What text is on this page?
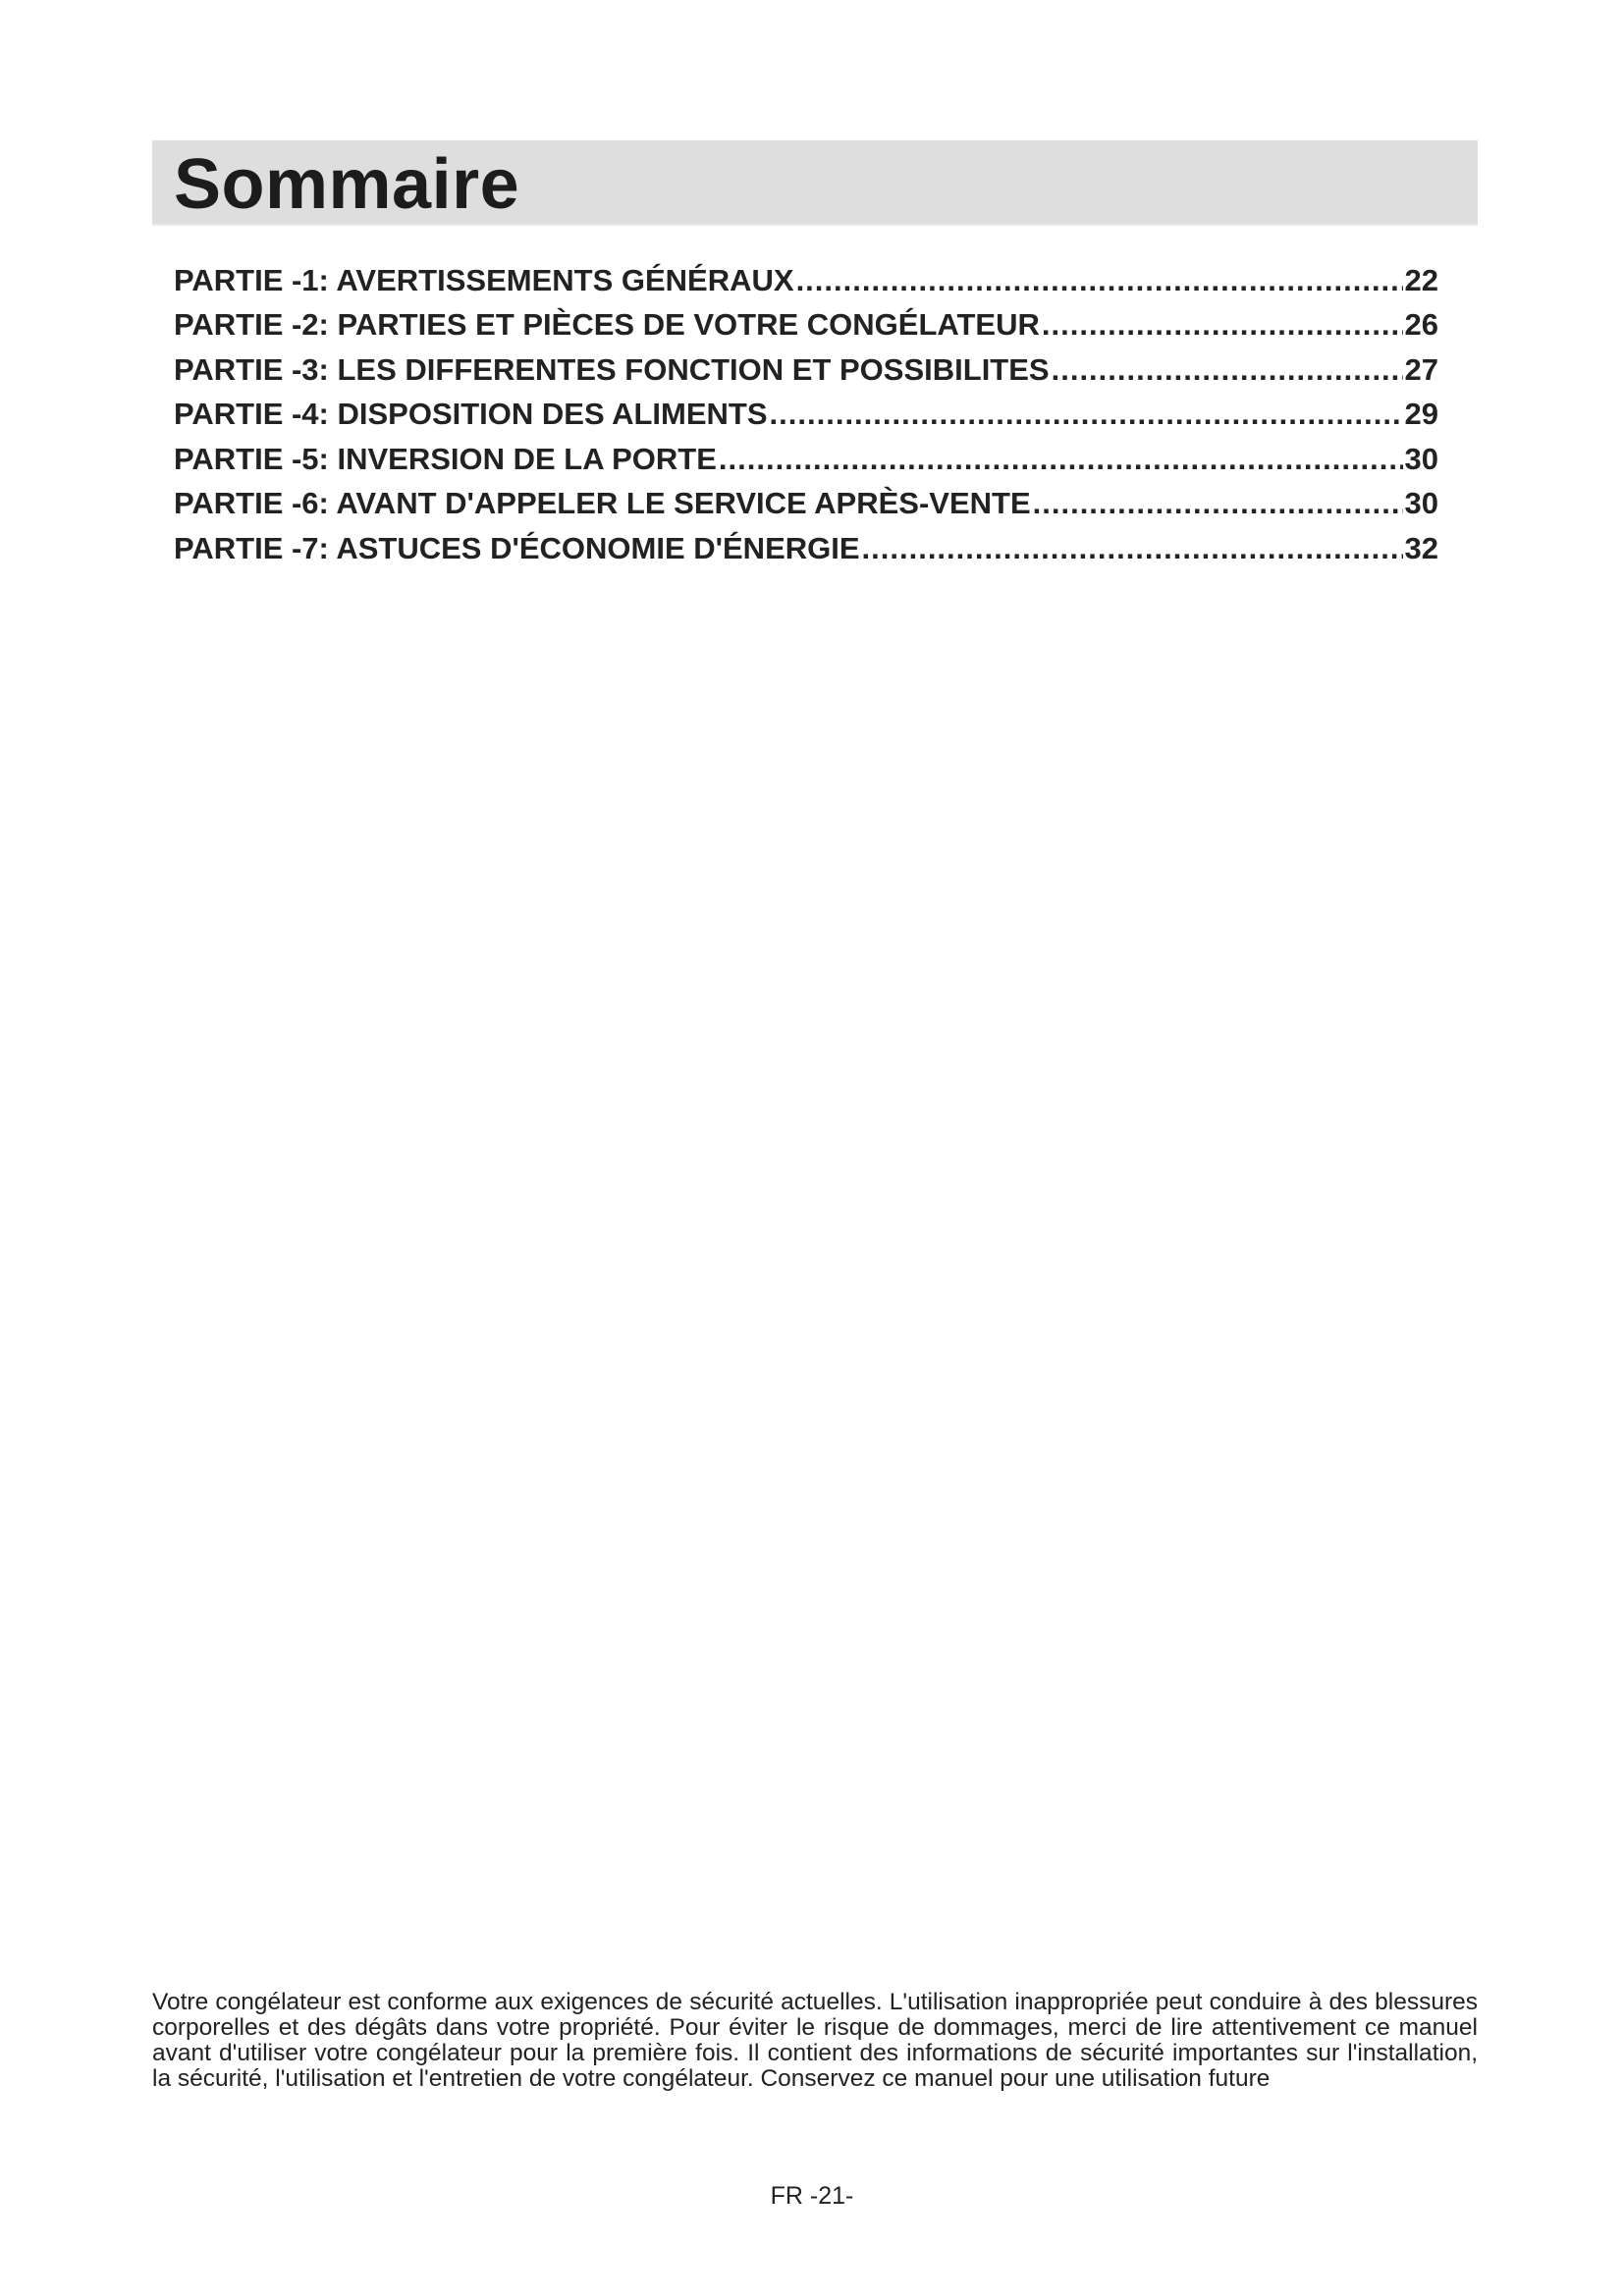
Sommaire
PARTIE -1: AVERTISSEMENTS GÉNÉRAUX .....	22
PARTIE -2: PARTIES ET PIÈCES DE VOTRE CONGÉLATEUR .....	26
PARTIE -3: LES DIFFERENTES FONCTION ET POSSIBILITES .....	27
PARTIE -4: DISPOSITION DES ALIMENTS .....	29
PARTIE -5: INVERSION DE LA PORTE .....	30
PARTIE -6: AVANT D'APPELER LE SERVICE APRÈS-VENTE .....	30
PARTIE -7: ASTUCES D'ÉCONOMIE D'ÉNERGIE .....	32

Votre congélateur est conforme aux exigences de sécurité actuelles. L'utilisation inappropriée peut conduire à des blessures corporelles et des dégâts dans votre propriété. Pour éviter le risque de dommages, merci de lire attentivement ce manuel avant d'utiliser votre congélateur pour la première fois. Il contient des informations de sécurité importantes sur l'installation, la sécurité, l'utilisation et l'entretien de votre congélateur. Conservez ce manuel pour une utilisation future

FR -21-
